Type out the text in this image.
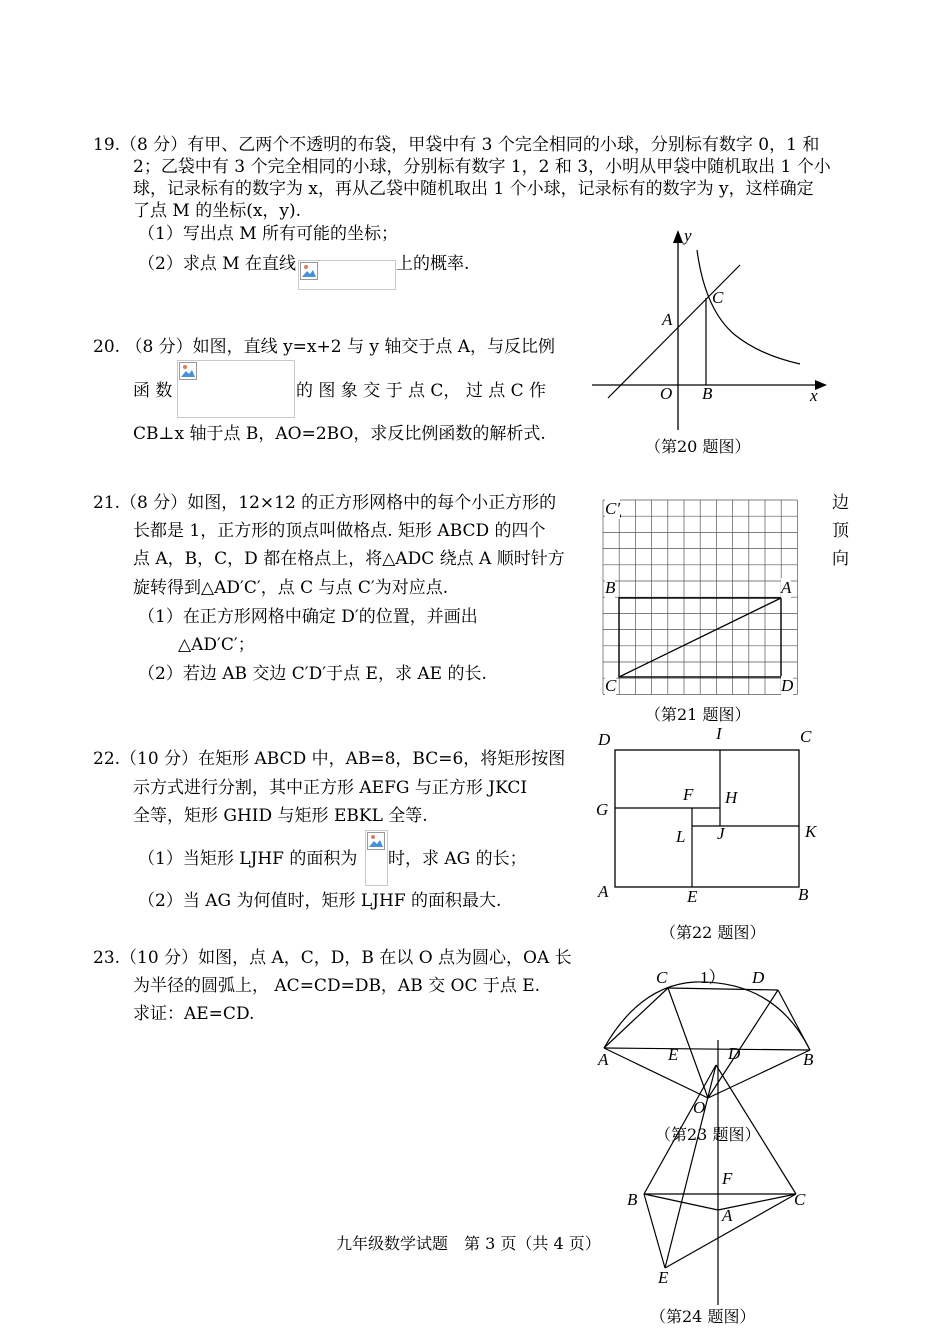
19.（8 分）有甲、乙两个不透明的布袋，甲袋中有 3 个完全相同的小球，分别标有数字 0，1 和
2；乙袋中有 3 个完全相同的小球，分别标有数字 1，2 和 3，小明从甲袋中随机取出 1 个小
球，记录标有的数字为 x，再从乙袋中随机取出 1 个小球，记录标有的数字为 y，这样确定
了点 M 的坐标(x，y).
（1）写出点 M 所有可能的坐标；
（2）求点 M 在直线	上的概率.
20. （8 分）如图，直线 y=x+2 与 y 轴交于点 A，与反比例
函 数	的 图 象 交 于 点 C， 过 点 C 作
CB⊥x 轴于点 B，AO=2BO，求反比例函数的解析式.
y
C
A
O B	x
（第20 题图）
21.（8 分）如图，12×12 的正方形网格中的每个小正方形的
长都是 1，正方形的顶点叫做格点. 矩形 ABCD 的四个
点 A，B，C，D 都在格点上，将△ADC 绕点 A 顺时针方
旋转得到△AD′C′，点 C 与点 C′为对应点.
边
顶
向
（1）在正方形网格中确定 D′的位置，并画出
△AD′C′；
（2）若边 AB 交边 C′D′于点 E，求 AE 的长.
C′
B	A
C	D
（第21 题图）
22.（10 分）在矩形 ABCD 中，AB=8，BC=6，将矩形按图
示方式进行分割，其中正方形 AEFG 与正方形 JKCI
全等，矩形 GHID 与矩形 EBKL 全等.
（1）当矩形 LJHF 的面积为 时，求 AG 的长；
（2）当 AG 为何值时，矩形 LJHF 的面积最大.
D	I	C
F H
G
K
L J
A	E	B
（第22 题图）
23.（10 分）如图，点 A，C，D，B 在以 O 点为圆心，OA 长
为半径的圆弧上， AC=CD=DB，AB 交 OC 于点 E.
求证：AE=CD.
C 1） D
A	E	D	B
O
（第23 题图）
F
B	C
A
E
（第24 题图）
九年级数学试题　第 3 页（共 4 页）
